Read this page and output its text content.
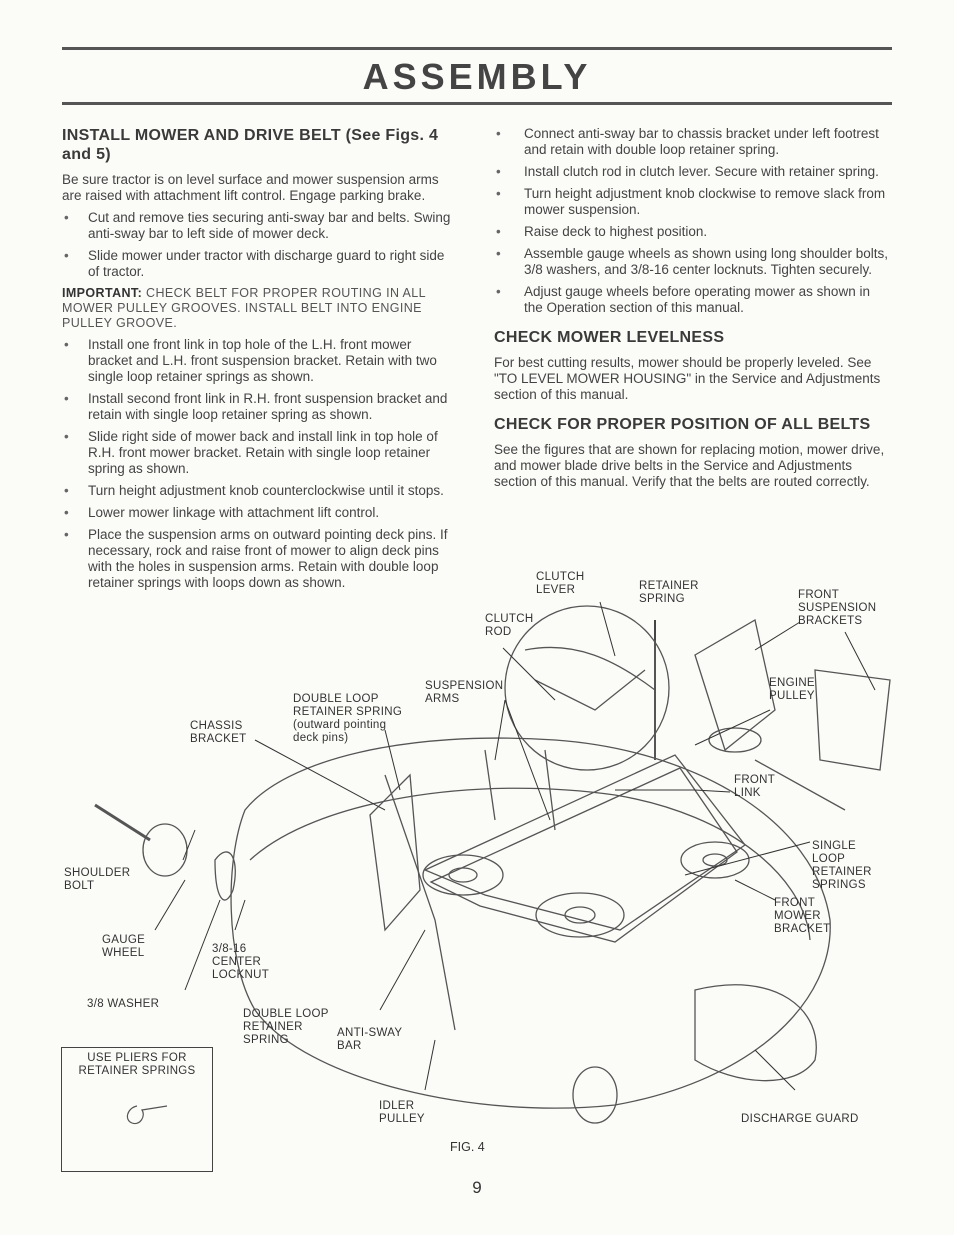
ASSEMBLY
INSTALL MOWER AND DRIVE BELT (See Figs. 4 and 5)

Be sure tractor is on level surface and mower suspension arms are raised with attachment lift control. Engage parking brake.

• Cut and remove ties securing anti-sway bar and belts. Swing anti-sway bar to left side of mower deck.
• Slide mower under tractor with discharge guard to right side of tractor.

IMPORTANT: CHECK BELT FOR PROPER ROUTING IN ALL MOWER PULLEY GROOVES. INSTALL BELT INTO ENGINE PULLEY GROOVE.

• Install one front link in top hole of the L.H. front mower bracket and L.H. front suspension bracket. Retain with two single loop retainer springs as shown.
• Install second front link in R.H. front suspension bracket and retain with single loop retainer spring as shown.
• Slide right side of mower back and install link in top hole of R.H. front mower bracket. Retain with single loop retainer spring as shown.
• Turn height adjustment knob counterclockwise until it stops.
• Lower mower linkage with attachment lift control.
• Place the suspension arms on outward pointing deck pins. If necessary, rock and raise front of mower to align deck pins with the holes in suspension arms. Retain with double loop retainer springs with loops down as shown.
• Connect anti-sway bar to chassis bracket under left footrest and retain with double loop retainer spring.
• Install clutch rod in clutch lever. Secure with retainer spring.
• Turn height adjustment knob clockwise to remove slack from mower suspension.
• Raise deck to highest position.
• Assemble gauge wheels as shown using long shoulder bolts, 3/8 washers, and 3/8-16 center locknuts. Tighten securely.
• Adjust gauge wheels before operating mower as shown in the Operation section of this manual.
CHECK MOWER LEVELNESS

For best cutting results, mower should be properly leveled. See "TO LEVEL MOWER HOUSING" in the Service and Adjustments section of this manual.

CHECK FOR PROPER POSITION OF ALL BELTS

See the figures that are shown for replacing motion, mower drive, and mower blade drive belts in the Service and Adjustments section of this manual. Verify that the belts are routed correctly.

CLUTCH
LEVER	RETAINER
SPRING	FRONT
SUSPENSION
BRACKETS
CLUTCH
ROD
ENGINE
PULLEY
SUSPENSION
ARMS
DOUBLE LOOP
RETAINER SPRING
(outward pointing
deck pins)
CHASSIS
BRACKET
FRONT
LINK
SINGLE
LOOP
RETAINER
SPRINGS
SHOULDER
BOLT
FRONT
MOWER
BRACKET
GAUGE
WHEEL	3/8-16
CENTER
LOCKNUT
3/8 WASHER
DOUBLE LOOP
RETAINER
SPRING
ANTI-SWAY
BAR
IDLER
PULLEY	DISCHARGE GUARD
USE PLIERS FOR
RETAINER SPRINGS
FIG. 4
9
